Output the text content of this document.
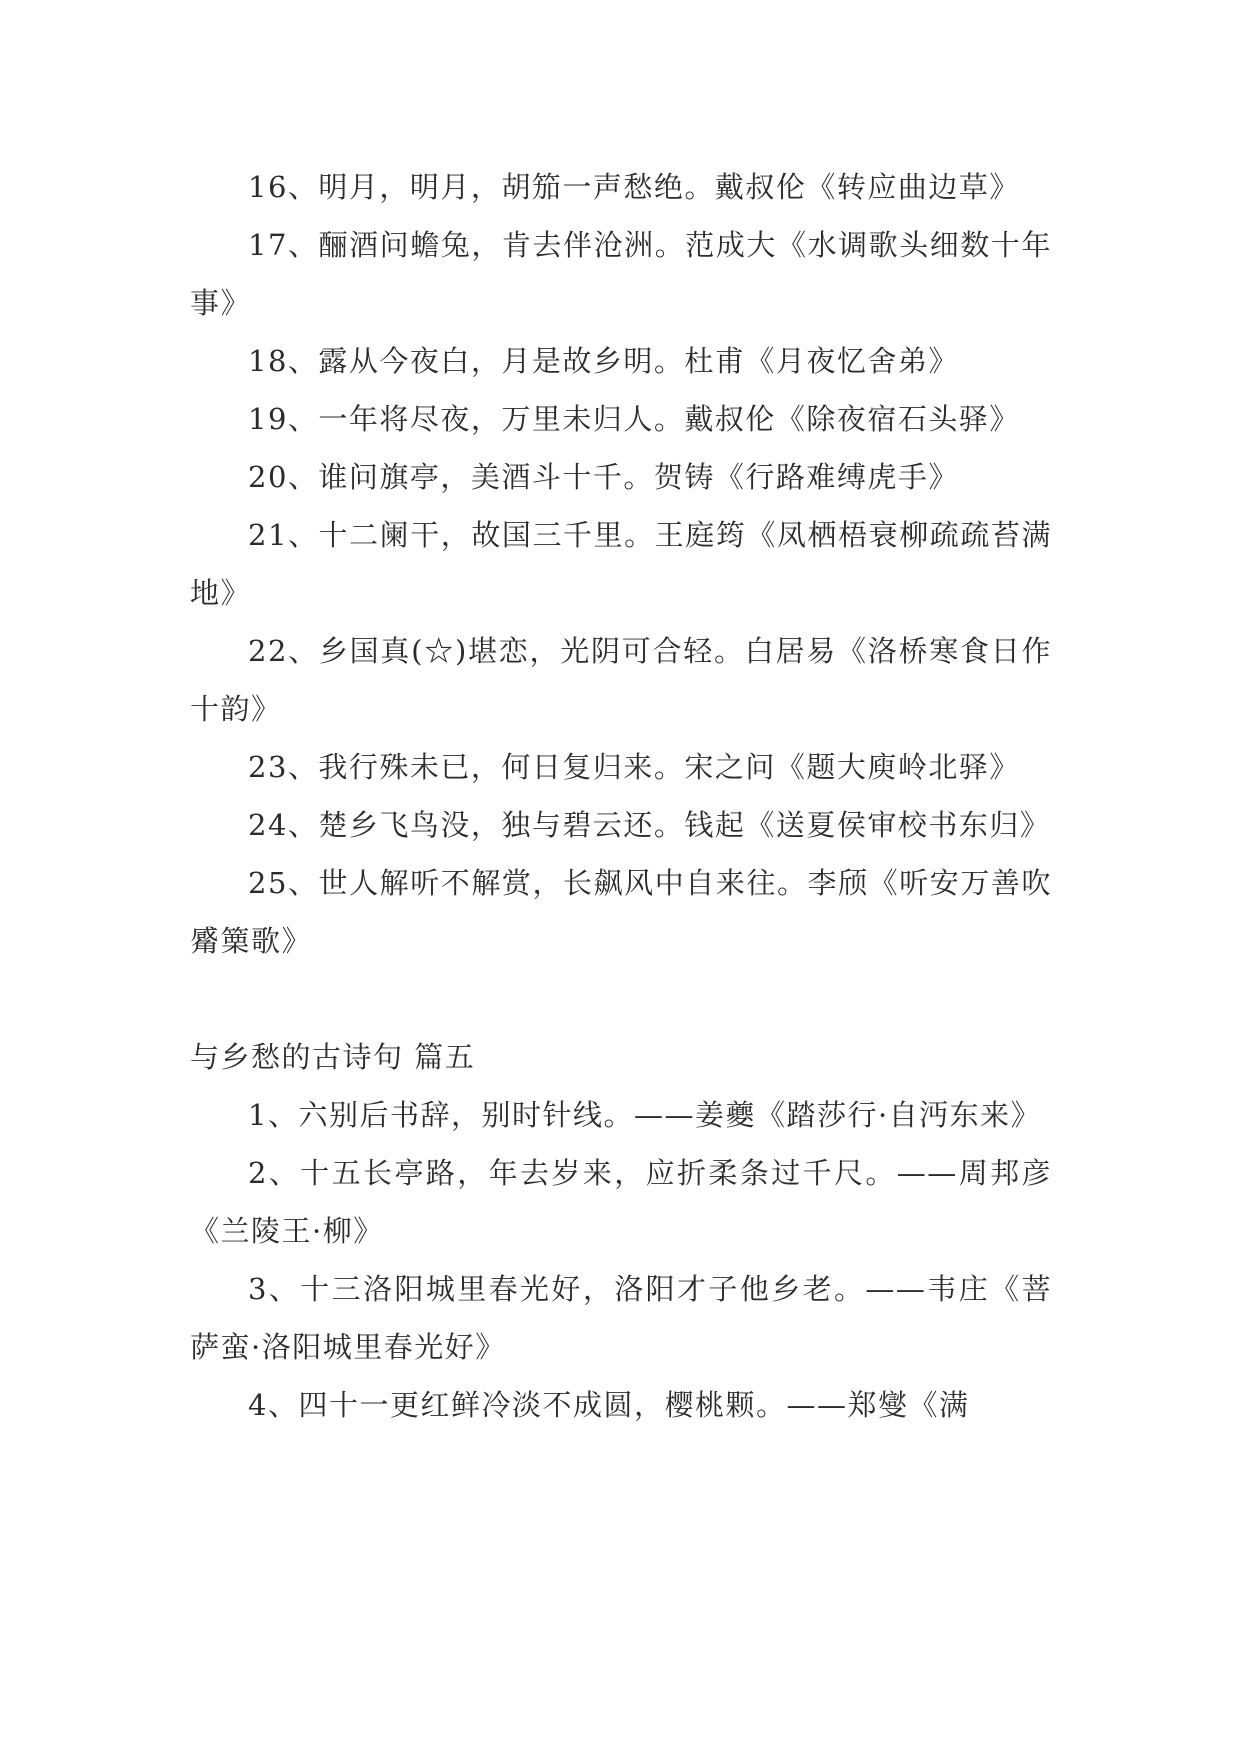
16、明月，明月，胡笳一声愁绝。戴叔伦《转应曲边草》

17、酾酒问蟾兔，肯去伴沧洲。范成大《水调歌头细数十年事》

18、露从今夜白，月是故乡明。杜甫《月夜忆舍弟》

19、一年将尽夜，万里未归人。戴叔伦《除夜宿石头驿》

20、谁问旗亭，美酒斗十千。贺铸《行路难缚虎手》

21、十二阑干，故国三千里。王庭筠《凤栖梧衰柳疏疏苔满地》

22、乡国真(☆)堪恋，光阴可合轻。白居易《洛桥寒食日作十韵》

23、我行殊未已，何日复归来。宋之问《题大庾岭北驿》

24、楚乡飞鸟没，独与碧云还。钱起《送夏侯审校书东归》

25、世人解听不解赏，长飙风中自来往。李颀《听安万善吹觱篥歌》

与乡愁的古诗句 篇五

1、六别后书辞，别时针线。——姜夔《踏莎行·自沔东来》

2、十五长亭路，年去岁来，应折柔条过千尺。——周邦彦《兰陵王·柳》

3、十三洛阳城里春光好，洛阳才子他乡老。——韦庄《菩萨蛮·洛阳城里春光好》

4、四十一更红鲜冷淡不成圆，樱桃颗。——郑燮《满
